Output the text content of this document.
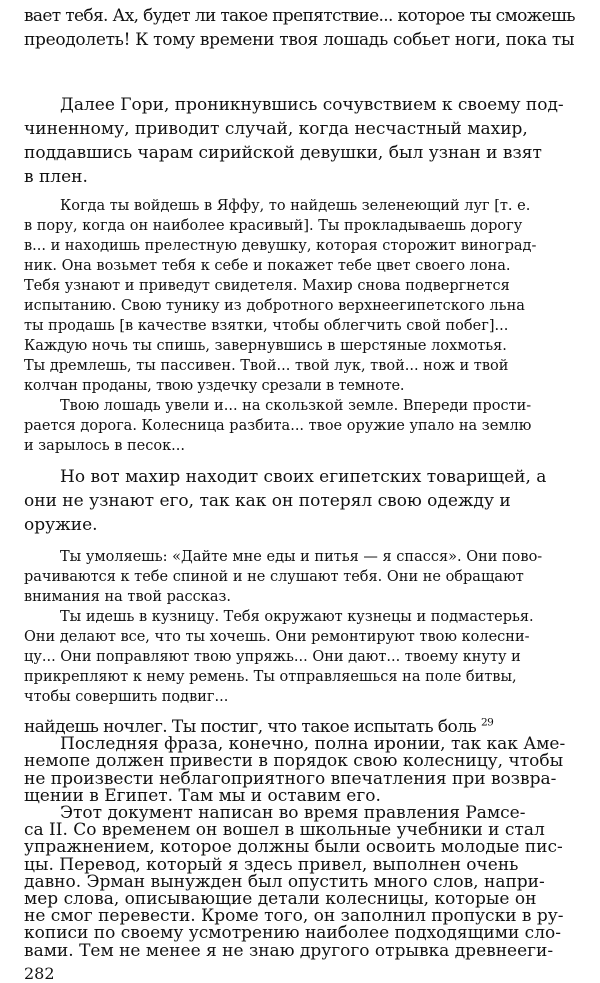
вает тебя. Ах, будет ли такое препятствие... которое ты сможешь

преодолеть! К тому времени твоя лошадь собьет ноги, пока ты

найдешь ночлег. Ты постиг, что такое испытать боль $^{29}$

Далее Гори, проникнувшись сочувствием к своему под-

чиненному, приводит случай, когда несчастный махир,

поддавшись чарам сирийской девушки, был узнан и взят

в плен.

Когда ты войдешь в Яффу, то найдешь зеленеющий луг [т. е.

в пору, когда он наиболее красивый]. Ты прокладываешь дорогу

в... и находишь прелестную девушку, которая сторожит виноград-

ник. Она возьмет тебя к себе и покажет тебе цвет своего лона.

Тебя узнают и приведут свидетеля. Махир снова подвергнется

испытанию. Свою тунику из добротного верхнеегипетского льна

ты продашь [в качестве взятки, чтобы облегчить свой побег]...

Каждую ночь ты спишь, завернувшись в шерстяные лохмотья.

Ты дремлешь, ты пассивен. Твой... твой лук, твой... нож и твой

колчан проданы, твою уздечку срезали в темноте.

Твою лошадь увели и... на скользкой земле. Впереди прости-

рается дорога. Колесница разбита... твое оружие упало на землю

и зарылось в песок...

Но вот махир находит своих египетских товарищей, а

они не узнают его, так как он потерял свою одежду и

оружие.

Ты умоляешь: «Дайте мне еды и питья — я спасся». Они пово-

рачиваются к тебе спиной и не слушают тебя. Они не обращают

внимания на твой рассказ.

Ты идешь в кузницу. Тебя окружают кузнецы и подмастерья.

Они делают все, что ты хочешь. Они ремонтируют твою колесни-

цу... Они поправляют твою упряжь... Они дают... твоему кнуту и

прикрепляют к нему ремень. Ты отправляешься на поле битвы,

чтобы совершить подвиг...

Последняя фраза, конечно, полна иронии, так как Аме-

немопе должен привести в порядок свою колесницу, чтобы

не произвести неблагоприятного впечатления при возвра-

щении в Египет. Там мы и оставим его.

Этот документ написан во время правления Рамсе-

са II. Со временем он вошел в школьные учебники и стал

упражнением, которое должны были освоить молодые пис-

цы. Перевод, который я здесь привел, выполнен очень

давно. Эрман вынужден был опустить много слов, напри-

282

мер слова, описывающие детали колесницы, которые он

не смог перевести. Кроме того, он заполнил пропуски в ру-

кописи по своему усмотрению наиболее подходящими сло-

вами. Тем не менее я не знаю другого отрывка древнееги-
